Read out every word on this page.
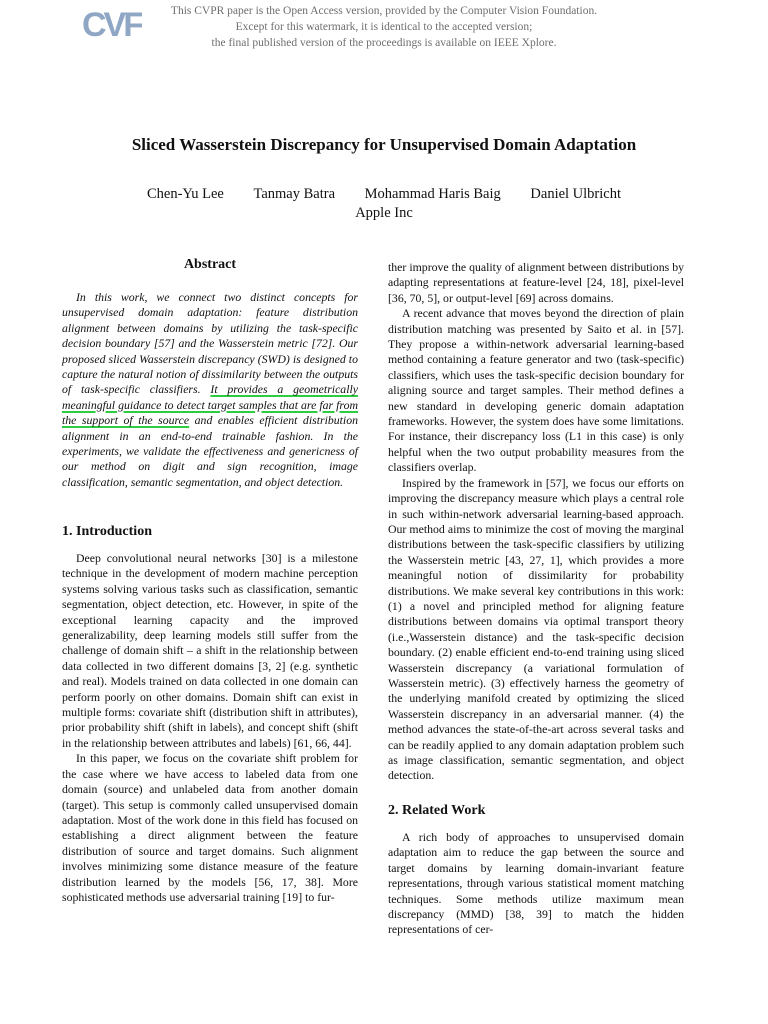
CVF	This CVPR paper is the Open Access version, provided by the Computer Vision Foundation.
Except for this watermark, it is identical to the accepted version;
the final published version of the proceedings is available on IEEE Xplore.
Sliced Wasserstein Discrepancy for Unsupervised Domain Adaptation
Chen-Yu Lee Tanmay Batra Mohammad Haris Baig Daniel Ulbricht
Apple Inc
Abstract

In this work, we connect two distinct concepts for unsupervised domain adaptation: feature distribution alignment between domains by utilizing the task-specific decision boundary [57] and the Wasserstein metric [72]. Our proposed sliced Wasserstein discrepancy (SWD) is designed to capture the natural notion of dissimilarity between the outputs of task-specific classifiers. It provides a geometrically meaningful guidance to detect target samples that are far from the support of the source and enables efficient distribution alignment in an end-to-end trainable fashion. In the experiments, we validate the effectiveness and genericness of our method on digit and sign recognition, image classification, semantic segmentation, and object detection.

1. Introduction

Deep convolutional neural networks [30] is a milestone technique in the development of modern machine perception systems solving various tasks such as classification, semantic segmentation, object detection, etc. However, in spite of the exceptional learning capacity and the improved generalizability, deep learning models still suffer from the challenge of domain shift – a shift in the relationship between data collected in two different domains [3, 2] (e.g. synthetic and real). Models trained on data collected in one domain can perform poorly on other domains. Domain shift can exist in multiple forms: covariate shift (distribution shift in attributes), prior probability shift (shift in labels), and concept shift (shift in the relationship between attributes and labels) [61, 66, 44].

In this paper, we focus on the covariate shift problem for the case where we have access to labeled data from one domain (source) and unlabeled data from another domain (target). This setup is commonly called unsupervised domain adaptation. Most of the work done in this field has focused on establishing a direct alignment between the feature distribution of source and target domains. Such alignment involves minimizing some distance measure of the feature distribution learned by the models [56, 17, 38]. More sophisticated methods use adversarial training [19] to fur-

ther improve the quality of alignment between distributions by adapting representations at feature-level [24, 18], pixel-level [36, 70, 5], or output-level [69] across domains.

A recent advance that moves beyond the direction of plain distribution matching was presented by Saito et al. in [57]. They propose a within-network adversarial learning-based method containing a feature generator and two (task-specific) classifiers, which uses the task-specific decision boundary for aligning source and target samples. Their method defines a new standard in developing generic domain adaptation frameworks. However, the system does have some limitations. For instance, their discrepancy loss (L1 in this case) is only helpful when the two output probability measures from the classifiers overlap.

Inspired by the framework in [57], we focus our efforts on improving the discrepancy measure which plays a central role in such within-network adversarial learning-based approach. Our method aims to minimize the cost of moving the marginal distributions between the task-specific classifiers by utilizing the Wasserstein metric [43, 27, 1], which provides a more meaningful notion of dissimilarity for probability distributions. We make several key contributions in this work: (1) a novel and principled method for aligning feature distributions between domains via optimal transport theory (i.e.,Wasserstein distance) and the task-specific decision boundary. (2) enable efficient end-to-end training using sliced Wasserstein discrepancy (a variational formulation of Wasserstein metric). (3) effectively harness the geometry of the underlying manifold created by optimizing the sliced Wasserstein discrepancy in an adversarial manner. (4) the method advances the state-of-the-art across several tasks and can be readily applied to any domain adaptation problem such as image classification, semantic segmentation, and object detection.

2. Related Work

A rich body of approaches to unsupervised domain adaptation aim to reduce the gap between the source and target domains by learning domain-invariant feature representations, through various statistical moment matching techniques. Some methods utilize maximum mean discrepancy (MMD) [38, 39] to match the hidden representations of cer-
